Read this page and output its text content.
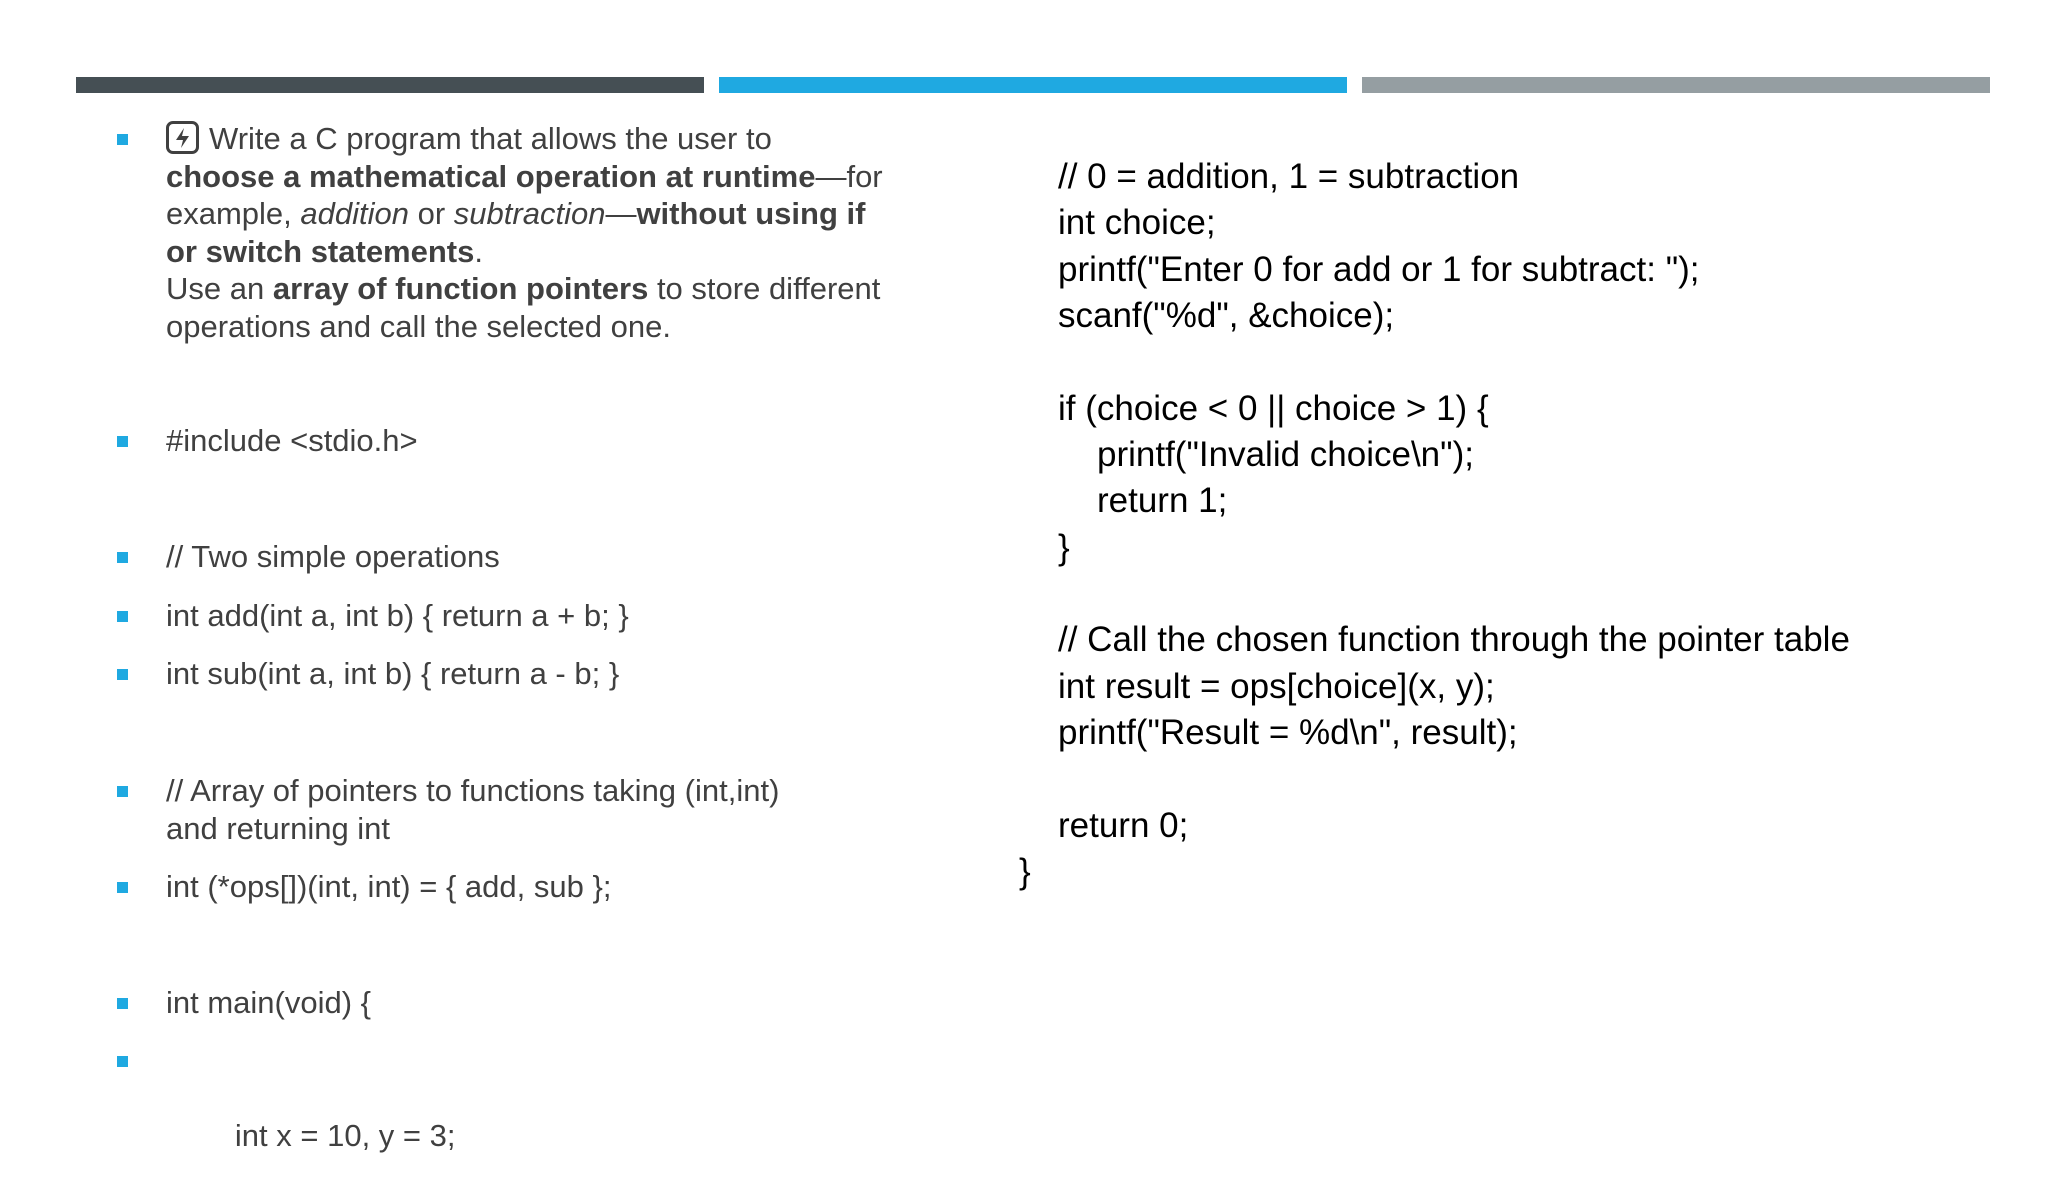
Write a C program that allows the user to
choose a mathematical operation at runtime—for
example, addition or subtraction—without using if
or switch statements.
Use an array of function pointers to store different
operations and call the selected one.
#include <stdio.h>
// Two simple operations
int add(int a, int b) { return a + b; }
int sub(int a, int b) { return a - b; }
// Array of pointers to functions taking (int,int)
and returning int
int (*ops[])(int, int) = { add, sub };
int main(void) {

int x = 10, y = 3;

// 0 = addition, 1 = subtraction
int choice;
printf("Enter 0 for add or 1 for subtract: ");
scanf("%d", &choice);
if (choice < 0 || choice > 1) {
printf("Invalid choice\n");
return 1;
}
// Call the chosen function through the pointer table
int result = ops[choice](x, y);
printf("Result = %d\n", result);
return 0;
}
